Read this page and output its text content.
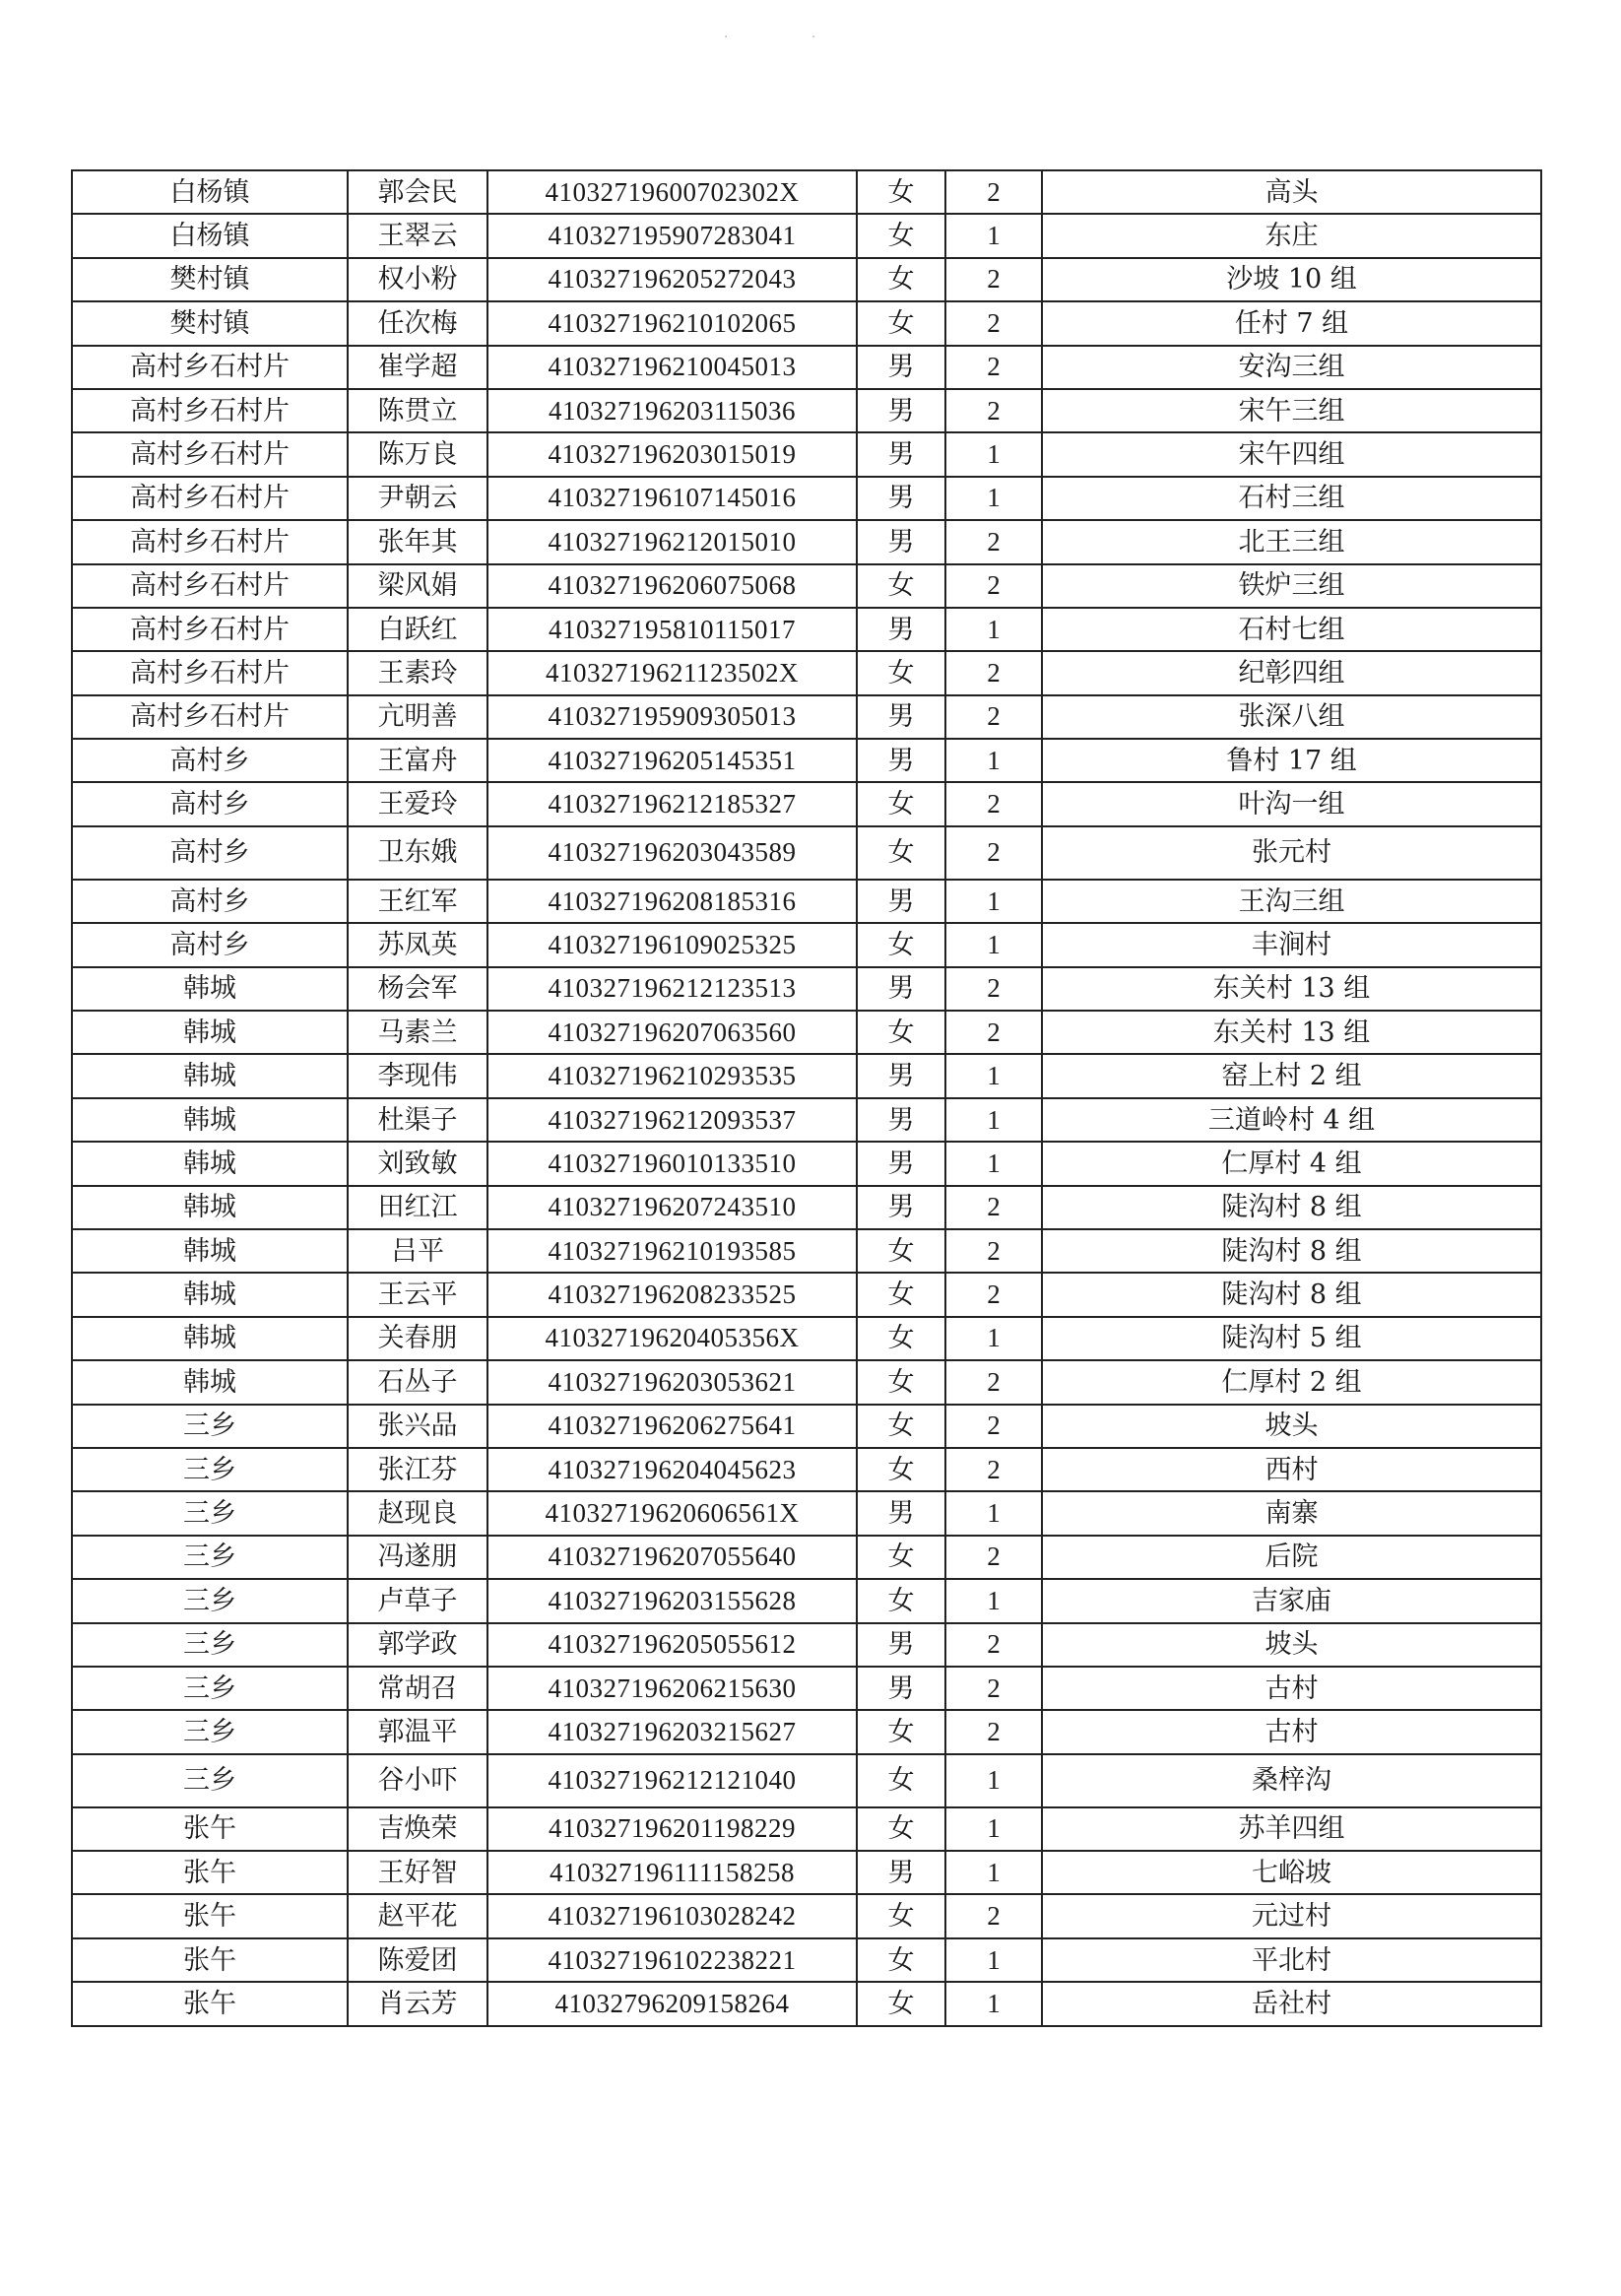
· ·
白杨镇	郭会民	41032719600702302X	女	2	高头
白杨镇	王翠云	410327195907283041	女	1	东庄
樊村镇	权小粉	410327196205272043	女	2	沙坡 10 组
樊村镇	任次梅	410327196210102065	女	2	任村 7 组
高村乡石村片	崔学超	410327196210045013	男	2	安沟三组
高村乡石村片	陈贯立	410327196203115036	男	2	宋午三组
高村乡石村片	陈万良	410327196203015019	男	1	宋午四组
高村乡石村片	尹朝云	410327196107145016	男	1	石村三组
高村乡石村片	张年其	410327196212015010	男	2	北王三组
高村乡石村片	梁风娟	410327196206075068	女	2	铁炉三组
高村乡石村片	白跃红	410327195810115017	男	1	石村七组
高村乡石村片	王素玲	41032719621123502X	女	2	纪彰四组
高村乡石村片	亢明善	410327195909305013	男	2	张深八组
高村乡	王富舟	410327196205145351	男	1	鲁村 17 组
高村乡	王爱玲	410327196212185327	女	2	叶沟一组
高村乡	卫东娥	410327196203043589	女	2	张元村
高村乡	王红军	410327196208185316	男	1	王沟三组
高村乡	苏凤英	410327196109025325	女	1	丰涧村
韩城	杨会军	410327196212123513	男	2	东关村 13 组
韩城	马素兰	410327196207063560	女	2	东关村 13 组
韩城	李现伟	410327196210293535	男	1	窑上村 2 组
韩城	杜渠子	410327196212093537	男	1	三道岭村 4 组
韩城	刘致敏	410327196010133510	男	1	仁厚村 4 组
韩城	田红江	410327196207243510	男	2	陡沟村 8 组
韩城	吕平	410327196210193585	女	2	陡沟村 8 组
韩城	王云平	410327196208233525	女	2	陡沟村 8 组
韩城	关春朋	41032719620405356X	女	1	陡沟村 5 组
韩城	石丛子	410327196203053621	女	2	仁厚村 2 组
三乡	张兴品	410327196206275641	女	2	坡头
三乡	张江芬	410327196204045623	女	2	西村
三乡	赵现良	41032719620606561X	男	1	南寨
三乡	冯遂朋	410327196207055640	女	2	后院
三乡	卢草子	410327196203155628	女	1	吉家庙
三乡	郭学政	410327196205055612	男	2	坡头
三乡	常胡召	410327196206215630	男	2	古村
三乡	郭温平	410327196203215627	女	2	古村
三乡	谷小吓	410327196212121040	女	1	桑梓沟
张午	吉焕荣	410327196201198229	女	1	苏羊四组
张午	王好智	410327196111158258	男	1	七峪坡
张午	赵平花	410327196103028242	女	2	元过村
张午	陈爱团	410327196102238221	女	1	平北村
张午	肖云芳	41032796209158264	女	1	岳社村
